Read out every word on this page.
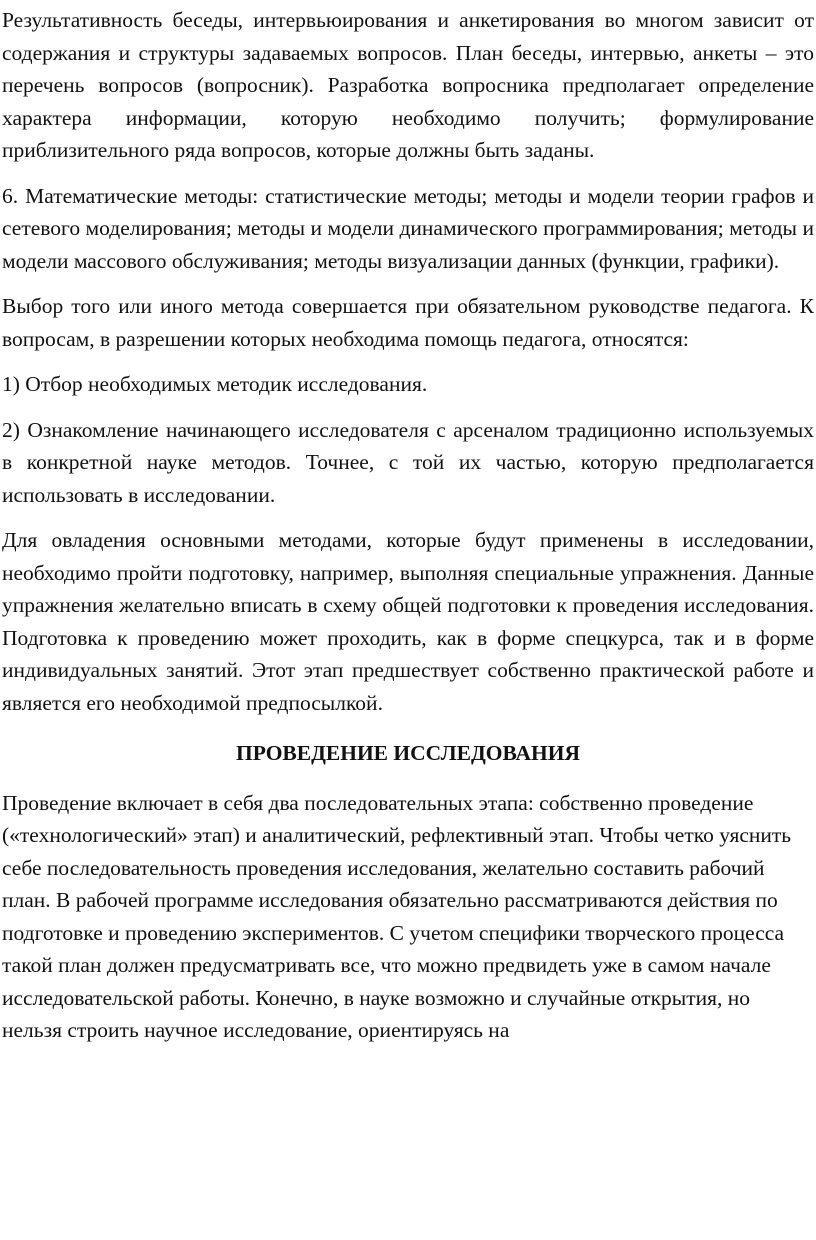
Результативность беседы, интервьюирования и анкетирования во многом зависит от содержания и структуры задаваемых вопросов. План беседы, интервью, анкеты – это перечень вопросов (вопросник). Разработка вопросника предполагает определение характера информации, которую необходимо получить; формулирование приблизительного ряда вопросов, которые должны быть заданы.

6. Математические методы: статистические методы; методы и модели теории графов и сетевого моделирования; методы и модели динамического программирования; методы и модели массового обслуживания; методы визуализации данных (функции, графики).

Выбор того или иного метода совершается при обязательном руководстве педагога. К вопросам, в разрешении которых необходима помощь педагога, относятся:

1) Отбор необходимых методик исследования.

2) Ознакомление начинающего исследователя с арсеналом традиционно используемых в конкретной науке методов. Точнее, с той их частью, которую предполагается использовать в исследовании.

Для овладения основными методами, которые будут применены в исследовании, необходимо пройти подготовку, например, выполняя специальные упражнения. Данные упражнения желательно вписать в схему общей подготовки к проведения исследования. Подготовка к проведению может проходить, как в форме спецкурса, так и в форме индивидуальных занятий. Этот этап предшествует собственно практической работе и является его необходимой предпосылкой.

ПРОВЕДЕНИЕ ИССЛЕДОВАНИЯ

Проведение включает в себя два последовательных этапа: собственно проведение («технологический» этап) и аналитический, рефлективный этап. Чтобы четко уяснить себе последовательность проведения исследования, желательно составить рабочий план. В рабочей программе исследования обязательно рассматриваются действия по подготовке и проведению экспериментов. С учетом специфики творческого процесса такой план должен предусматривать все, что можно предвидеть уже в самом начале исследовательской работы. Конечно, в науке возможно и случайные открытия, но нельзя строить научное исследование, ориентируясь на
